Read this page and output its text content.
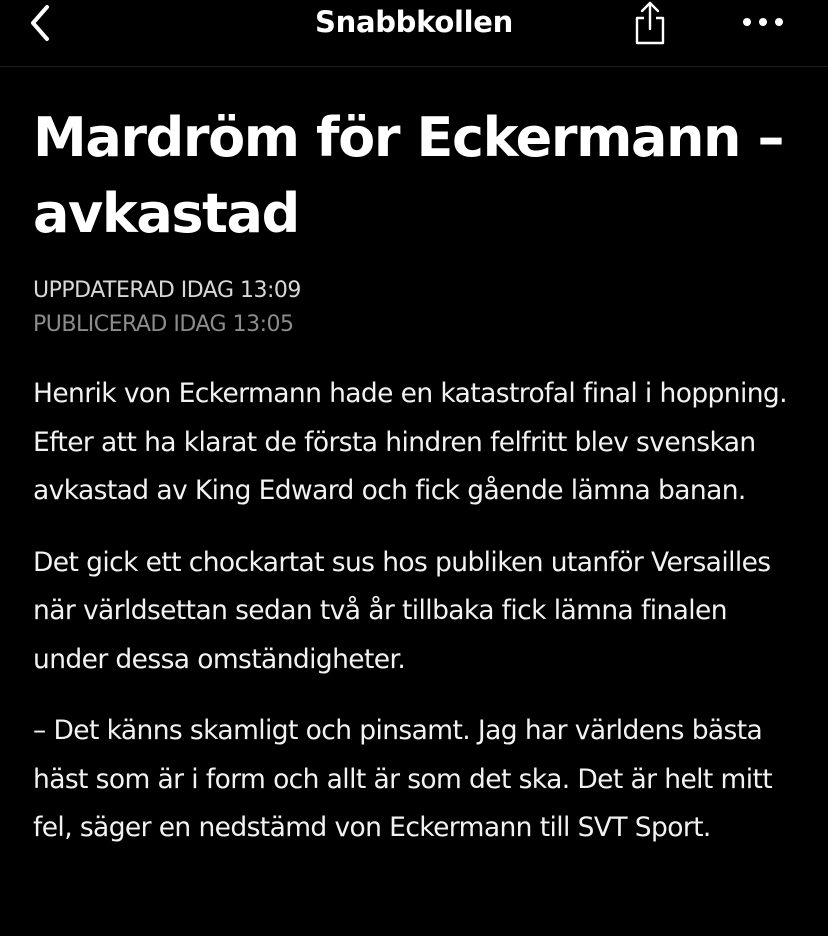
Snabbkollen
Mardröm för Eckermann – avkastad
UPPDATERAD IDAG 13:09
PUBLICERAD IDAG 13:05

Henrik von Eckermann hade en katastrofal final i hoppning. Efter att ha klarat de första hindren felfritt blev svenskan avkastad av King Edward och fick gående lämna banan.

Det gick ett chockartat sus hos publiken utanför Versailles när världsettan sedan två år tillbaka fick lämna finalen under dessa omständigheter.

– Det känns skamligt och pinsamt. Jag har världens bästa häst som är i form och allt är som det ska. Det är helt mitt fel, säger en nedstämd von Eckermann till SVT Sport.
